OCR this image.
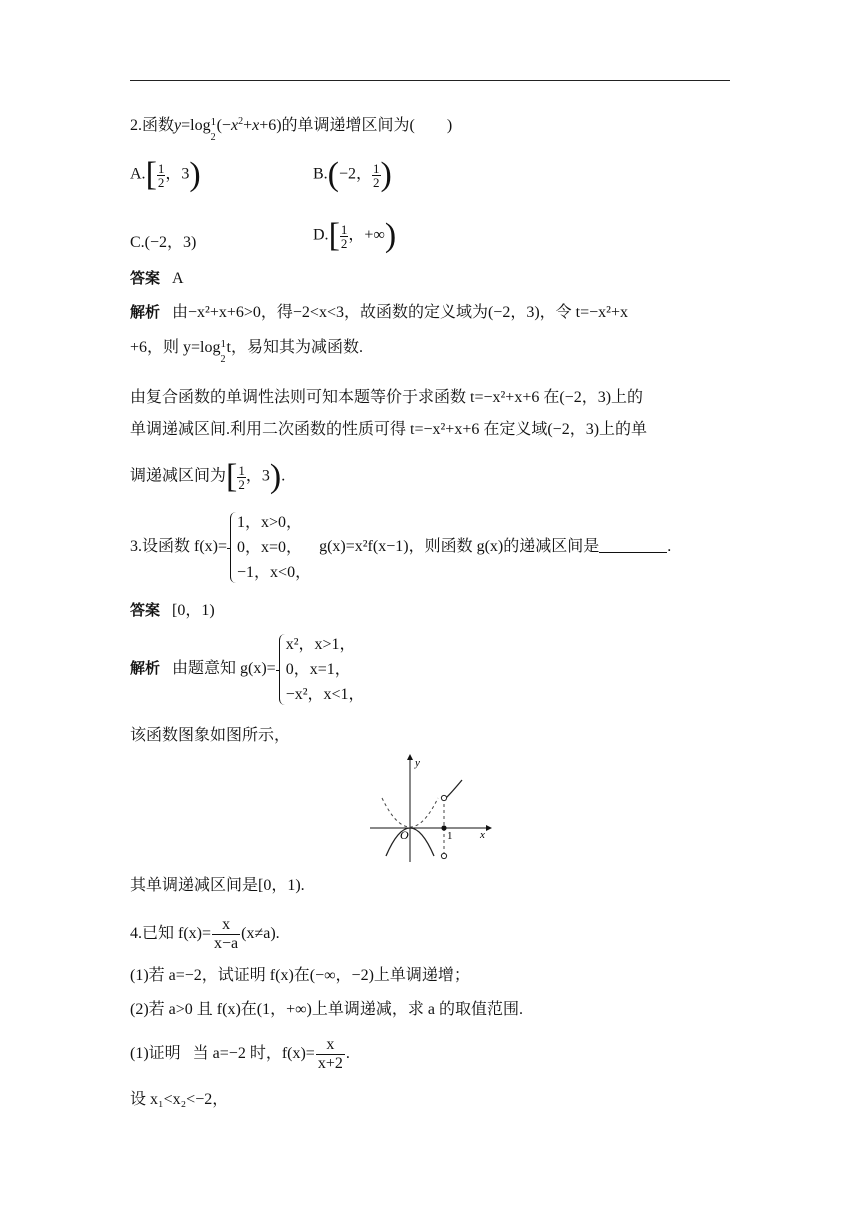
2.函数y=log 1
2
$(-x^2+x+6)$的单调递增区间为(　　)
$A.[ \frac{1}{2}$ ，3)	B.(−2， $\frac{1}{2}$ )
C.(−2，3)	$D.[ \frac{1}{2}$ ，+∞)
答案 A
解析 由−x²+x+6>0，得−2<x<3，故函数的定义域为(−2，3)，令 t=−x²+x
+6，则 y=log 1
2
t，易知其为减函数.
由复合函数的单调性法则可知本题等价于求函数 t=−x²+x+6 在(−2，3)上的
单调递减区间.利用二次函数的性质可得 t=−x²+x+6 在定义域(−2，3)上的单
调递减区间为[ $\frac{1}{2}$ ，3).
3.设函数 f(x)=
1，x>0，
0，x=0，
−1，x<0，
g(x)=x²f(x−1)，则函数 g(x)的递减区间是	.
答案 [0，1)
解析 由题意知 g(x)=
x²，x>1，
0，x=1，
−x²，x<1，
该函数图象如图所示，
y
x
O	1
其单调递减区间是[0，1).
4.已知 $f(x)= \frac{x}{x-a} (x\ne a)$.
(1)若 a=−2，试证明 f(x)在(−∞，−2)上单调递增；
(2)若 a>0 且 f(x)在(1，+∞)上单调递减，求 a 的取值范围.
(1)证明 当 a=−2 时，$f(x)= \frac{x}{x+2}$ .
设 x₁<x₂<−2，
